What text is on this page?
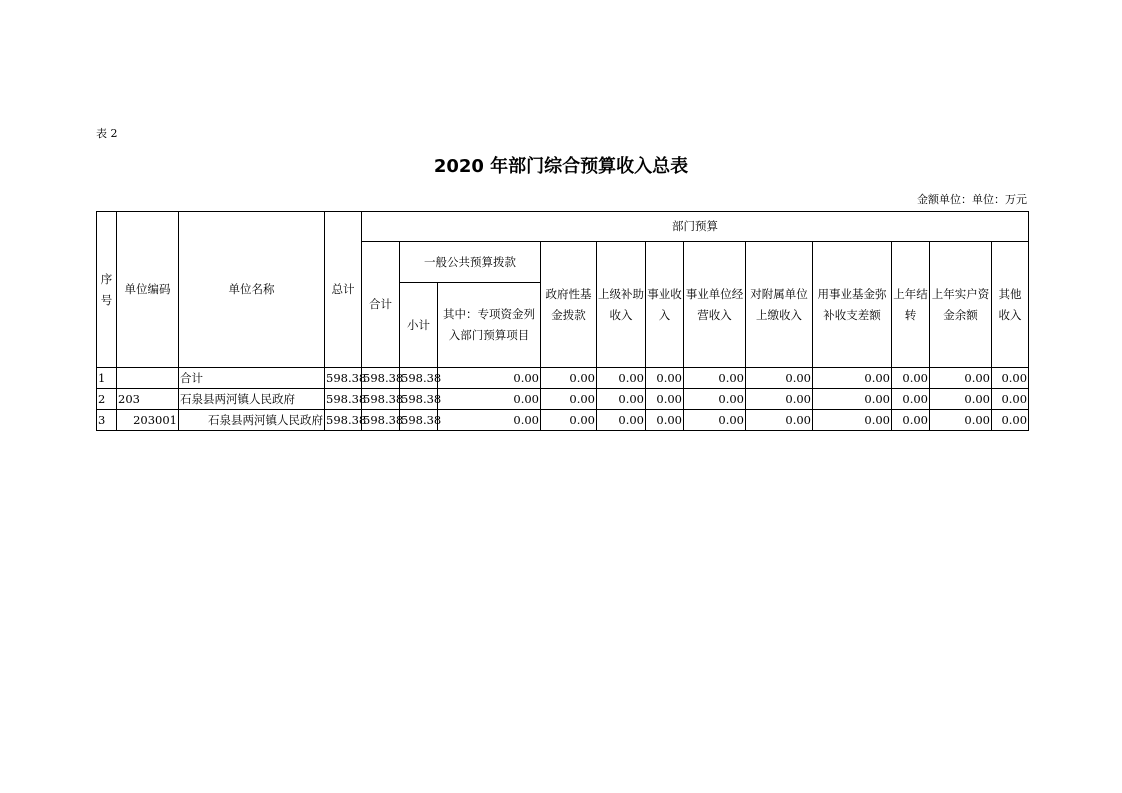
表 2
2020 年部门综合预算收入总表
金额单位：单位：万元
序号	单位编码	单位名称	总计	部门预算											
				合计	一般公共预算拨款		政府性基金拨款	上级补助收入	事业收入	事业单位经营收入	对附属单位上缴收入	用事业基金弥补收支差额	上年结转	上年实户资金余额	其他收入
					小计	其中：专项资金列入部门预算项目									
1		合计	598.38	598.38	598.38	0.00	0.00	0.00	0.00	0.00	0.00	0.00	0.00	0.00	0.00
2	203	石泉县两河镇人民政府	598.38	598.38	598.38	0.00	0.00	0.00	0.00	0.00	0.00	0.00	0.00	0.00	0.00
3	203001	石泉县两河镇人民政府	598.38	598.38	598.38	0.00	0.00	0.00	0.00	0.00	0.00	0.00	0.00	0.00	0.00
